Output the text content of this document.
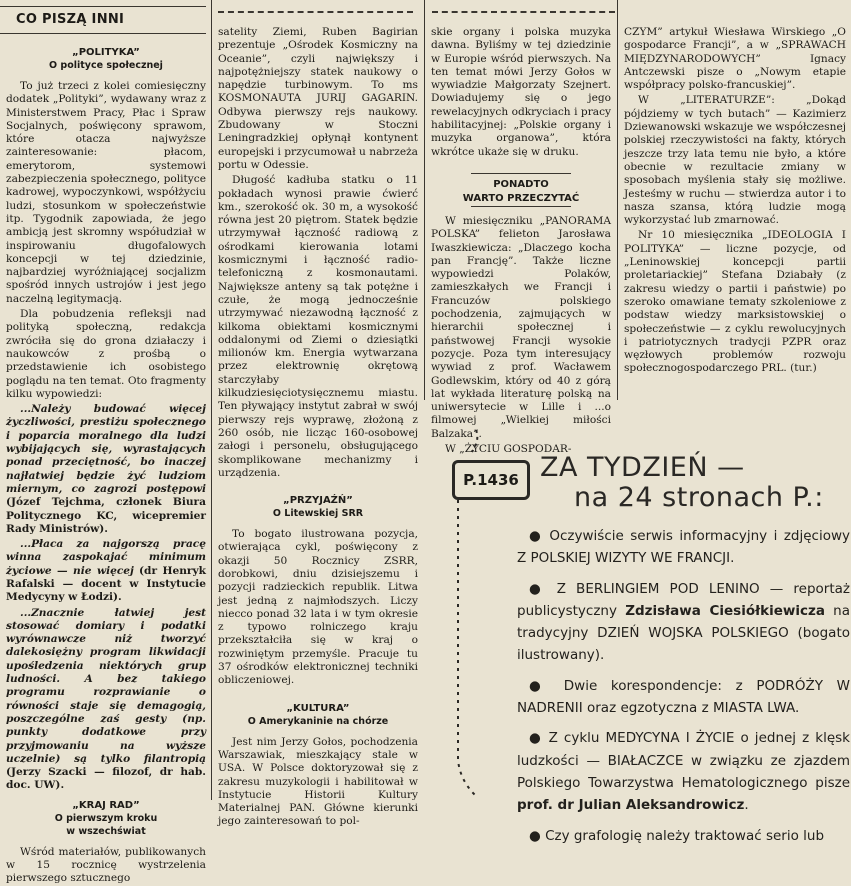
CO PISZĄ INNI
„POLITYKA”
O polityce społecznej

To już trzeci z kolei comiesięczny dodatek „Polityki”, wydawany wraz z Ministerstwem Pracy, Płac i Spraw Socjalnych, poświęcony sprawom, które otacza najwyższe zainteresowanie: płacom, emerytorom, systemowi zabezpieczenia społecznego, polityce kadrowej, wypoczynkowi, współżyciu ludzi, stosunkom w społeczeństwie itp. Tygodnik zapowiada, że jego ambicją jest skromny współudział w inspirowaniu długofalowych koncepcji w tej dziedzinie, najbardziej wyróżniającej socjalizm spośród innych ustrojów i jest jego naczelną legitymacją.

Dla pobudzenia refleksji nad polityką społeczną, redakcja zwróciła się do grona działaczy i naukowców z prośbą o przedstawienie ich osobistego poglądu na ten temat. Oto fragmenty kilku wypowiedzi:

...Należy budować więcej życzliwości, prestiżu społecznego i poparcia moralnego dla ludzi wybijających się, wyrastających ponad przeciętność, bo inaczej najłatwiej będzie żyć ludziom miernym, co zagrozi postępowi (Józef Tejchma, członek Biura Politycznego KC, wicepremier Rady Ministrów).

...Płaca za najgorszą pracę winna zaspokajać minimum życiowe — nie więcej (dr Henryk Rafalski — docent w Instytucie Medycyny w Łodzi).

...Znacznie łatwiej jest stosować domiary i podatki wyrównawcze niż tworzyć dalekosiężny program likwidacji upośledzenia niektórych grup ludności. A bez takiego programu rozprawianie o równości staje się demagogią, poszczególne zaś gesty (np. punkty dodatkowe przy przyjmowaniu na wyższe uczelnie) są tylko filantropią (Jerzy Szacki — filozof, dr hab. doc. UW).

„KRAJ RAD”
O pierwszym kroku
w wszechświat

Wśród materiałów, publikowanych w 15 rocznicę wystrzelenia pierwszego sztucznego

satelity Ziemi, Ruben Bagirian prezentuje „Ośrodek Kosmiczny na Oceanie”, czyli największy i najpotężniejszy statek naukowy o napędzie turbinowym. To ms KOSMONAUTA JURIJ GAGARIN. Odbywa pierwszy rejs naukowy. Zbudowany w Stoczni Leningradzkiej opłynął kontynent europejski i przycumował u nabrzeża portu w Odessie.

Długość kadłuba statku o 11 pokładach wynosi prawie ćwierć km., szerokość ok. 30 m, a wysokość równa jest 20 piętrom. Statek będzie utrzymywał łączność radiową z ośrodkami kierowania lotami kosmicznymi i łączność radio-telefoniczną z kosmonautami. Największe anteny są tak potężne i czułe, że mogą jednocześnie utrzymywać niezawodną łączność z kilkoma obiektami kosmicznymi oddalonymi od Ziemi o dziesiątki milionów km. Energia wytwarzana przez elektrownię okrętową starczyłaby kilkudziesięciotysięcznemu miastu. Ten pływający instytut zabrał w swój pierwszy rejs wyprawę, złożoną z 260 osób, nie licząc 160-osobowej załogi i personelu, obsługującego skomplikowane mechanizmy i urządzenia.

„PRZYJAŹŃ”
O Litewskiej SRR

To bogato ilustrowana pozycja, otwierająca cykl, poświęcony z okazji 50 Rocznicy ZSRR, dorobkowi, dniu dzisiejszemu i pozycji radzieckich republik. Litwa jest jedną z najmłodszych. Liczy niecco ponad 32 lata i w tym okresie z typowo rolniczego kraju przekształciła się w kraj o rozwiniętym przemyśle. Pracuje tu 37 ośrodków elektronicznej techniki obliczeniowej.

„KULTURA”
O Amerykaninie na chórze

Jest nim Jerzy Gołos, pochodzenia Warszawiak, mieszkający stale w USA. W Polsce doktoryzował się z zakresu muzykologii i habilitował w Instytucie Historii Kultury Materialnej PAN. Główne kierunki jego zainteresowań to pol-

skie organy i polska muzyka dawna. Byliśmy w tej dziedzinie w Europie wśród pierwszych. Na ten temat mówi Jerzy Gołos w wywiadzie Małgorzaty Szejnert. Dowiadujemy się o jego rewelacyjnych odkryciach i pracy habilitacyjnej: „Polskie organy i muzyka organowa”, która wkrótce ukaże się w druku.

PONADTO
WARTO PRZECZYTAĆ

W miesięczniku „PANORAMA POLSKA” felieton Jarosława Iwaszkiewicza: „Dlaczego kocha pan Francję”. Także liczne wypowiedzi Polaków, zamieszkałych we Francji i Francuzów polskiego pochodzenia, zajmujących w hierarchii społecznej i państwowej Francji wysokie pozycje. Poza tym interesujący wywiad z prof. Wacławem Godlewskim, który od 40 z górą lat wykłada literaturę polską na uniwersytecie w Lille i ...o filmowej „Wielkiej miłości Balzaka”.

W „ŻYCIU GOSPODAR-

CZYM” artykuł Wiesława Wirskiego „O gospodarce Francji”, a w „SPRAWACH MIĘDZYNARODOWYCH” Ignacy Antczewski pisze o „Nowym etapie współpracy polsko-francuskiej”.

W „LITERATURZE”: „Dokąd pójdziemy w tych butach” — Kazimierz Dziewanowski wskazuje we współczesnej polskiej rzeczywistości na fakty, których jeszcze trzy lata temu nie było, a które obecnie w rezultacie zmiany w sposobach myślenia stały się możliwe. Jesteśmy w ruchu — stwierdza autor i to nasza szansa, którą ludzie mogą wykorzystać lub zmarnować.

Nr 10 miesięcznika „IDEOLOGIA I POLITYKA” — liczne pozycje, od „Leninowskiej koncepcji partii proletariackiej” Stefana Dziabały (z zakresu wiedzy o partii i państwie) po szeroko omawiane tematy szkoleniowe z podstaw wiedzy marksistowskiej o społeczeństwie — z cyklu rewolucyjnych i patriotycznych tradycji PZPR oraz węzłowych problemów rozwoju społecznogospodarczego PRL. (tur.)

P.1436 ZA TYDZIEŃ —
na 24 stronach P.:

● Oczywiście serwis informacyjny i zdjęciowy Z POLSKIEJ WIZYTY WE FRANCJI.

● Z BERLINGIEM POD LENINO — reportaż publicystyczny Zdzisława Ciesiółkiewicza na tradycyjny DZIEŃ WOJSKA POLSKIEGO (bogato ilustrowany).

● Dwie korespondencje: z PODRÓŻY W NADRENII oraz egzotyczna z MIASTA LWA.

● Z cyklu MEDYCYNA I ŻYCIE o jednej z klęsk ludzkości — BIAŁACZCE w związku ze zjazdem Polskiego Towarzystwa Hematologicznego pisze prof. dr Julian Aleksandrowicz.

● Czy grafologię należy traktować serio lub
